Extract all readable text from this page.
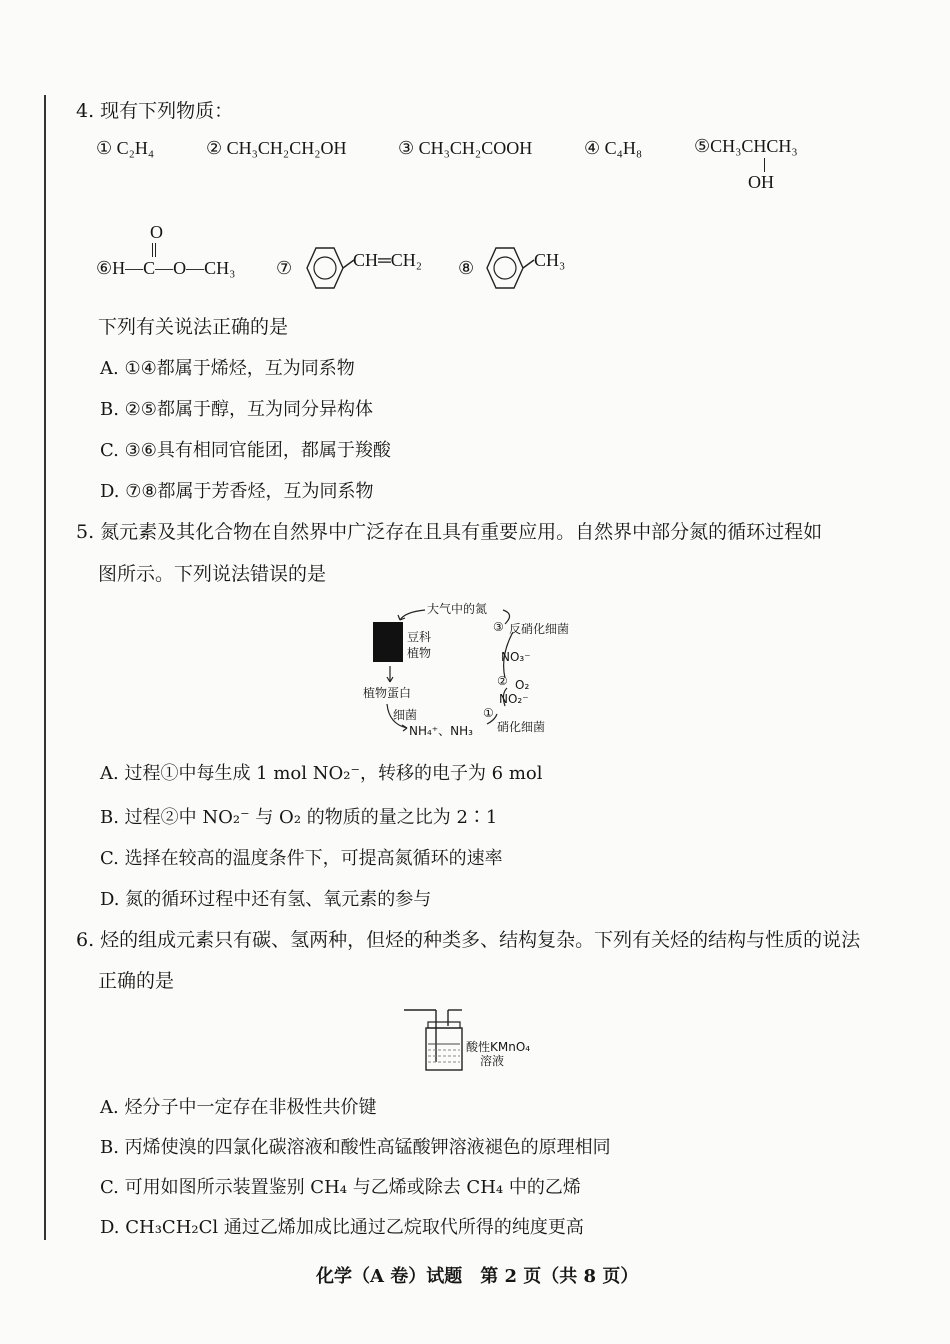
4. 现有下列物质：
① C₂H₄	② CH₃CH₂CH₂OH	③ CH₃CH₂COOH	④ C₄H₈	⑤CH₃CHCH₃
OH
O
⑥H—C—O—CH₃ ⑦	CH═CH₂ ⑧	CH₃
下列有关说法正确的是
A. ①④都属于烯烃，互为同系物
B. ②⑤都属于醇，互为同分异构体
C. ③⑥具有相同官能团，都属于羧酸
D. ⑦⑧都属于芳香烃，互为同系物
5. 氮元素及其化合物在自然界中广泛存在且具有重要应用。自然界中部分氮的循环过程如
图所示。下列说法错误的是
大气中的氮
③ 反硝化细菌
豆科
植物	NO₃⁻
② O₂
植物蛋白	NO₂⁻
细菌	①
NH₄⁺、NH₃ 硝化细菌
A. 过程①中每生成 1 mol NO₂⁻，转移的电子为 6 mol
B. 过程②中 NO₂⁻ 与 O₂ 的物质的量之比为 2∶1
C. 选择在较高的温度条件下，可提高氮循环的速率
D. 氮的循环过程中还有氢、氧元素的参与
6. 烃的组成元素只有碳、氢两种，但烃的种类多、结构复杂。下列有关烃的结构与性质的说法
正确的是
酸性KMnO₄
溶液
A. 烃分子中一定存在非极性共价键
B. 丙烯使溴的四氯化碳溶液和酸性高锰酸钾溶液褪色的原理相同
C. 可用如图所示装置鉴别 CH₄ 与乙烯或除去 CH₄ 中的乙烯
D. CH₃CH₂Cl 通过乙烯加成比通过乙烷取代所得的纯度更高
化学（A 卷）试题　第 2 页（共 8 页）
